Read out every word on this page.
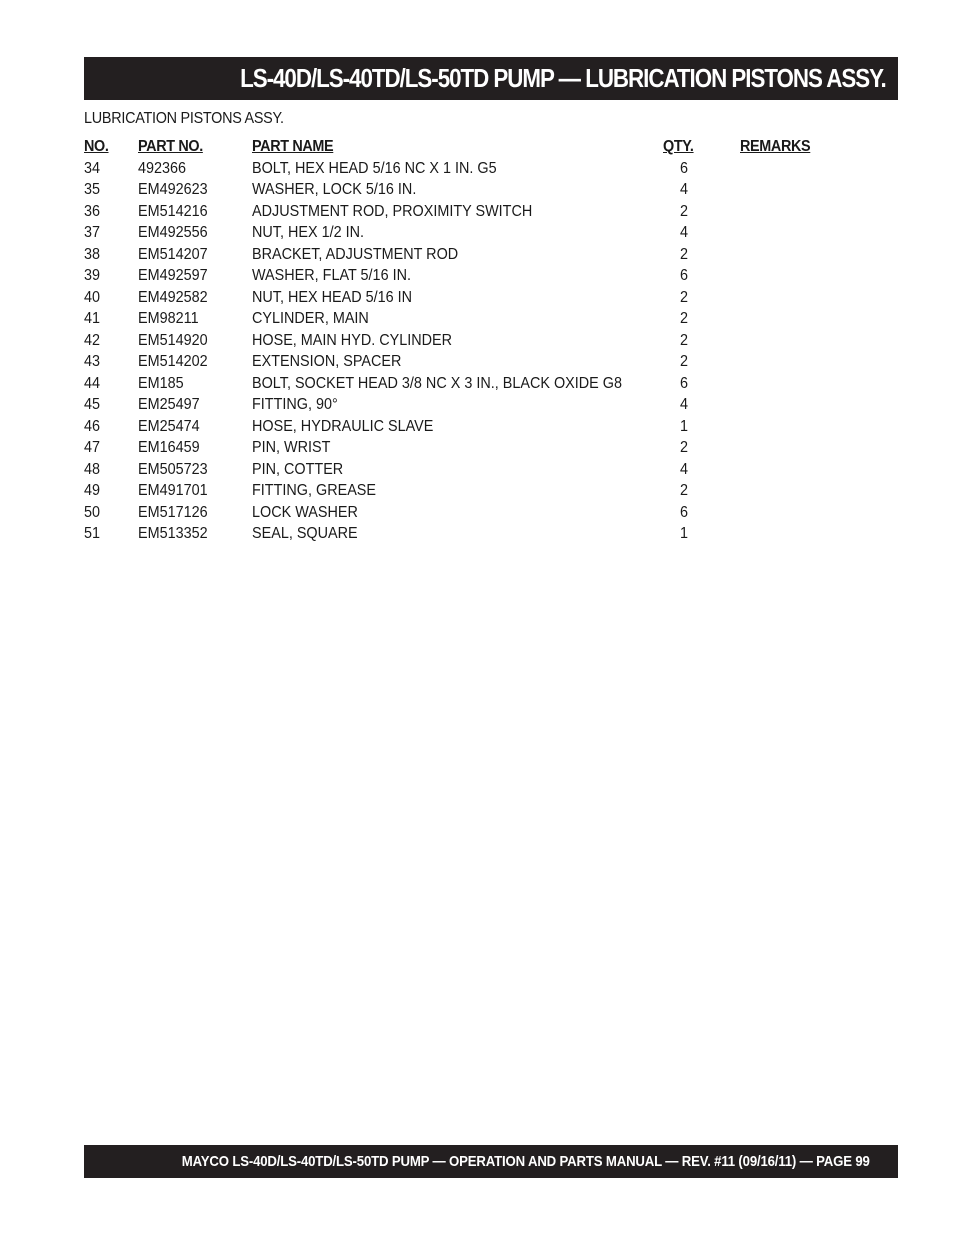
LS-40D/LS-40TD/LS-50TD PUMP — LUBRICATION PISTONS ASSY.
LUBRICATION PISTONS ASSY.
NO. PART NO.	PART NAME	QTY.	REMARKS
34 492366	BOLT, HEX HEAD 5/16 NC X 1 IN. G5	6
35 EM492623	WASHER, LOCK 5/16 IN.	4
36 EM514216	ADJUSTMENT ROD, PROXIMITY SWITCH	2
37 EM492556	NUT, HEX 1/2 IN.	4
38 EM514207	BRACKET, ADJUSTMENT ROD	2
39 EM492597	WASHER, FLAT 5/16 IN.	6
40 EM492582	NUT, HEX HEAD 5/16 IN	2
41 EM98211	CYLINDER, MAIN	2
42 EM514920	HOSE, MAIN HYD. CYLINDER	2
43 EM514202	EXTENSION, SPACER	2
44 EM185	BOLT, SOCKET HEAD 3/8 NC X 3 IN., BLACK OXIDE G8	6
45 EM25497	FITTING, 90°	4
46 EM25474	HOSE, HYDRAULIC SLAVE	1
47 EM16459	PIN, WRIST	2
48 EM505723	PIN, COTTER	4
49 EM491701	FITTING, GREASE	2
50 EM517126	LOCK WASHER	6
51 EM513352	SEAL, SQUARE	1
MAYCO LS-40D/LS-40TD/LS-50TD PUMP — OPERATION AND PARTS MANUAL — REV. #11 (09/16/11) — PAGE 99
